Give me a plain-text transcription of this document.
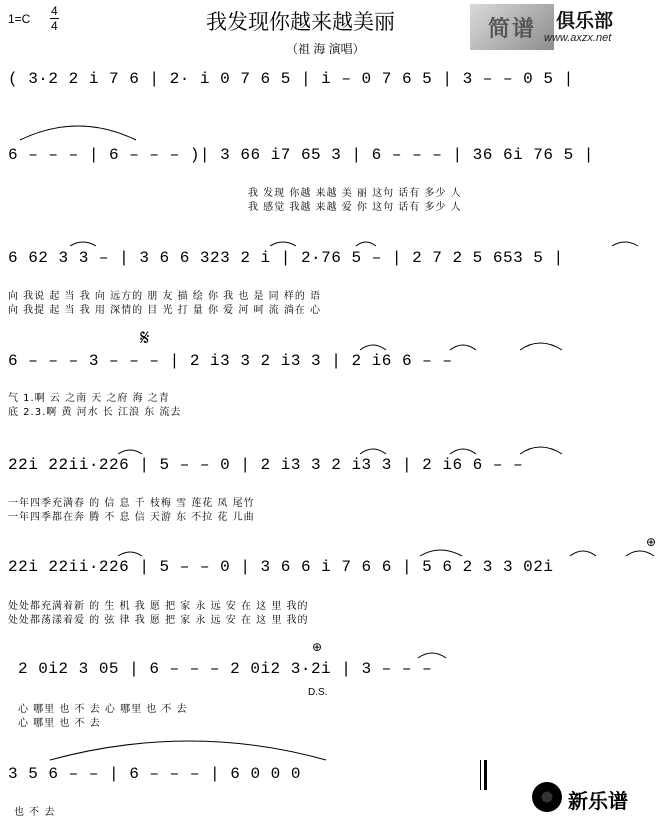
1=C
4
4	我发现你越来越美丽
（祖 海 演唱）
简谱	俱乐部
www.axzx.net
( 3·2 2 i 7 6 | 2· i 0 7 6 5 | i – 0 7 6 5 | 3 – – 0 5 |
6 – – – | 6 – – – )| 3 66 i7 65 3 | 6 – – – | 36 6i 76 5 |
我 发现 你越 来越 美 丽 这句 话有 多少 人
我 感觉 我越 来越 爱 你 这句 话有 多少 人
6 62 3 3 – | 3 6 6 323 2 i | 2·76 5 – | 2 7 2 5 653 5 |
向 我说 起 当 我 向 远方的 朋 友 描 绘 你 我 也 是 同 样的 语
向 我提 起 当 我 用 深情的 目 光 打 量 你 爱 河 呵 流 淌在 心
𝄋
6 – – – 3 – – – | 2 i3 3 2 i3 3 | 2 i6 6 – –
气 1.啊 云 之南 天 之府 海 之青
底 2.3.啊 黄 河水 长 江浪 东 流去
22i 22ii·226 | 5 – – 0 | 2 i3 3 2 i3 3 | 2 i6 6 – –
一年四季充满春 的 信 息 千 枝梅 雪 莲花 凤 尾竹
一年四季都在奔 腾 不 息 信 天游 东 不拉 花 儿曲
⊕
22i 22ii·226 | 5 – – 0 | 3 6 6 i 7 6 6 | 5 6 2 3 3 02i
处处都充满着新 的 生 机 我 愿 把 家 永 远 安 在 这 里 我的
处处都荡漾着爱 的 弦 律 我 愿 把 家 永 远 安 在 这 里 我的
⊕
2 0i2 3 05 | 6 – – – 2 0i2 3·2i | 3 – – –
D.S.
心 哪里 也 不 去 心 哪里 也 不 去
心 哪里 也 不 去
3 5 6 – – | 6 – – – | 6 0 0 0
也 不 去	新乐谱
